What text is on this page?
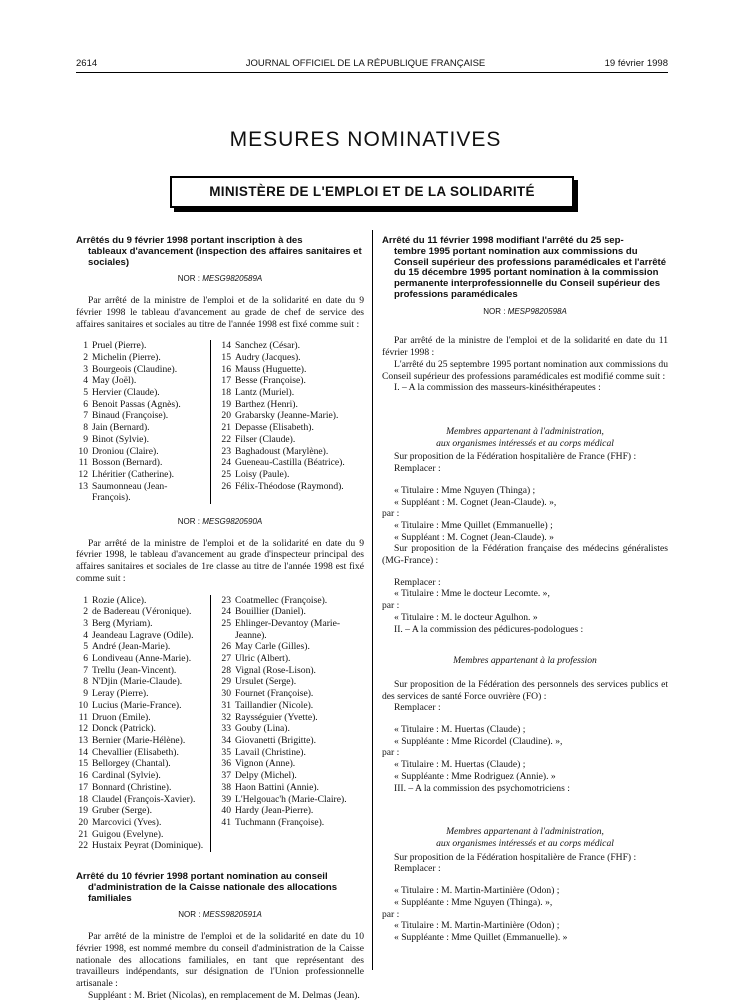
2614	JOURNAL OFFICIEL DE LA RÉPUBLIQUE FRANÇAISE	19 février 1998
MESURES NOMINATIVES
MINISTÈRE DE L'EMPLOI ET DE LA SOLIDARITÉ
Arrêtés du 9 février 1998 portant inscription à des
tableaux d'avancement (inspection des affaires sanitaires et sociales)
NOR : MESG9820589A

Par arrêté de la ministre de l'emploi et de la solidarité en date du 9 février 1998 le tableau d'avancement au grade de chef de service des affaires sanitaires et sociales au titre de l'année 1998 est fixé comme suit :

1 Pruel (Pierre).
2 Michelin (Pierre).
3 Bourgeois (Claudine).
4 May (Joël).
5 Hervier (Claude).
6 Benoit Passas (Agnès).
7 Binaud (Françoise).
8 Jain (Bernard).
9 Binot (Sylvie).
10 Droniou (Claire).
11 Bosson (Bernard).
12 Lhéritier (Catherine).
13 Saumonneau (Jean-François).
14 Sanchez (César).
15 Audry (Jacques).
16 Mauss (Huguette).
17 Besse (Françoise).
18 Lantz (Muriel).
19 Barthez (Henri).
20 Grabarsky (Jeanne-Marie).
21 Depasse (Elisabeth).
22 Filser (Claude).
23 Baghadoust (Marylène).
24 Gueneau-Castilla (Béatrice).
25 Loisy (Paule).
26 Félix-Théodose (Raymond).
NOR : MESG9820590A

Par arrêté de la ministre de l'emploi et de la solidarité en date du 9 février 1998, le tableau d'avancement au grade d'inspecteur principal des affaires sanitaires et sociales de 1re classe au titre de l'année 1998 est fixé comme suit :

1 Rozie (Alice).
2 de Badereau (Véronique).
3 Berg (Myriam).
4 Jeandeau Lagrave (Odile).
5 André (Jean-Marie).
6 Londiveau (Anne-Marie).
7 Trellu (Jean-Vincent).
8 N'Djin (Marie-Claude).
9 Leray (Pierre).
10 Lucius (Marie-France).
11 Druon (Emile).
12 Donck (Patrick).
13 Bernier (Marie-Hélène).
14 Chevallier (Elisabeth).
15 Bellorgey (Chantal).
16 Cardinal (Sylvie).
17 Bonnard (Christine).
18 Claudel (François-Xavier).
19 Gruber (Serge).
20 Marcovici (Yves).
21 Guigou (Evelyne).
22 Hustaix Peyrat (Dominique).
23 Coatmellec (Françoise).
24 Bouillier (Daniel).
25 Ehlinger-Devantoy (Marie-Jeanne).
26 May Carle (Gilles).
27 Ulric (Albert).
28 Vignal (Rose-Lison).
29 Ursulet (Serge).
30 Fournet (Françoise).
31 Taillandier (Nicole).
32 Raysséguier (Yvette).
33 Gouby (Lina).
34 Giovanetti (Brigitte).
35 Lavail (Christine).
36 Vignon (Anne).
37 Delpy (Michel).
38 Haon Battini (Annie).
39 L'Helgouac'h (Marie-Claire).
40 Hardy (Jean-Pierre).
41 Tuchmann (Françoise).
Arrêté du 10 février 1998 portant nomination au conseil
d'administration de la Caisse nationale des allocations familiales
NOR : MESS9820591A

Par arrêté de la ministre de l'emploi et de la solidarité en date du 10 février 1998, est nommé membre du conseil d'administration de la Caisse nationale des allocations familiales, en tant que représentant des travailleurs indépendants, sur désignation de l'Union professionnelle artisanale :

Suppléant : M. Briet (Nicolas), en remplacement de M. Delmas (Jean).

Arrêté du 11 février 1998 modifiant l'arrêté du 25 sep-
tembre 1995 portant nomination aux commissions du Conseil supérieur des professions paramédicales et l'arrêté du 15 décembre 1995 portant nomination à la commission permanente interprofessionnelle du Conseil supérieur des professions paramédicales
NOR : MESP9820598A

Par arrêté de la ministre de l'emploi et de la solidarité en date du 11 février 1998 :

L'arrêté du 25 septembre 1995 portant nomination aux commissions du Conseil supérieur des professions paramédicales est modifié comme suit :

I. – A la commission des masseurs-kinésithérapeutes :

Membres appartenant à l'administration,
aux organismes intéressés et au corps médical

Sur proposition de la Fédération hospitalière de France (FHF) :

Remplacer :

« Titulaire : Mme Nguyen (Thinga) ;

« Suppléant : M. Cognet (Jean-Claude). »,

par :

« Titulaire : Mme Quillet (Emmanuelle) ;

« Suppléant : M. Cognet (Jean-Claude). »

Sur proposition de la Fédération française des médecins généralistes (MG-France) :

Remplacer :

« Titulaire : Mme le docteur Lecomte. »,

par :

« Titulaire : M. le docteur Agulhon. »

II. – A la commission des pédicures-podologues :

Membres appartenant à la profession

Sur proposition de la Fédération des personnels des services publics et des services de santé Force ouvrière (FO) :

Remplacer :

« Titulaire : M. Huertas (Claude) ;

« Suppléante : Mme Ricordel (Claudine). »,

par :

« Titulaire : M. Huertas (Claude) ;

« Suppléante : Mme Rodriguez (Annie). »

III. – A la commission des psychomotriciens :

Membres appartenant à l'administration,
aux organismes intéressés et au corps médical

Sur proposition de la Fédération hospitalière de France (FHF) :

Remplacer :

« Titulaire : M. Martin-Martinière (Odon) ;

« Suppléante : Mme Nguyen (Thinga). »,

par :

« Titulaire : M. Martin-Martinière (Odon) ;

« Suppléante : Mme Quillet (Emmanuelle). »
